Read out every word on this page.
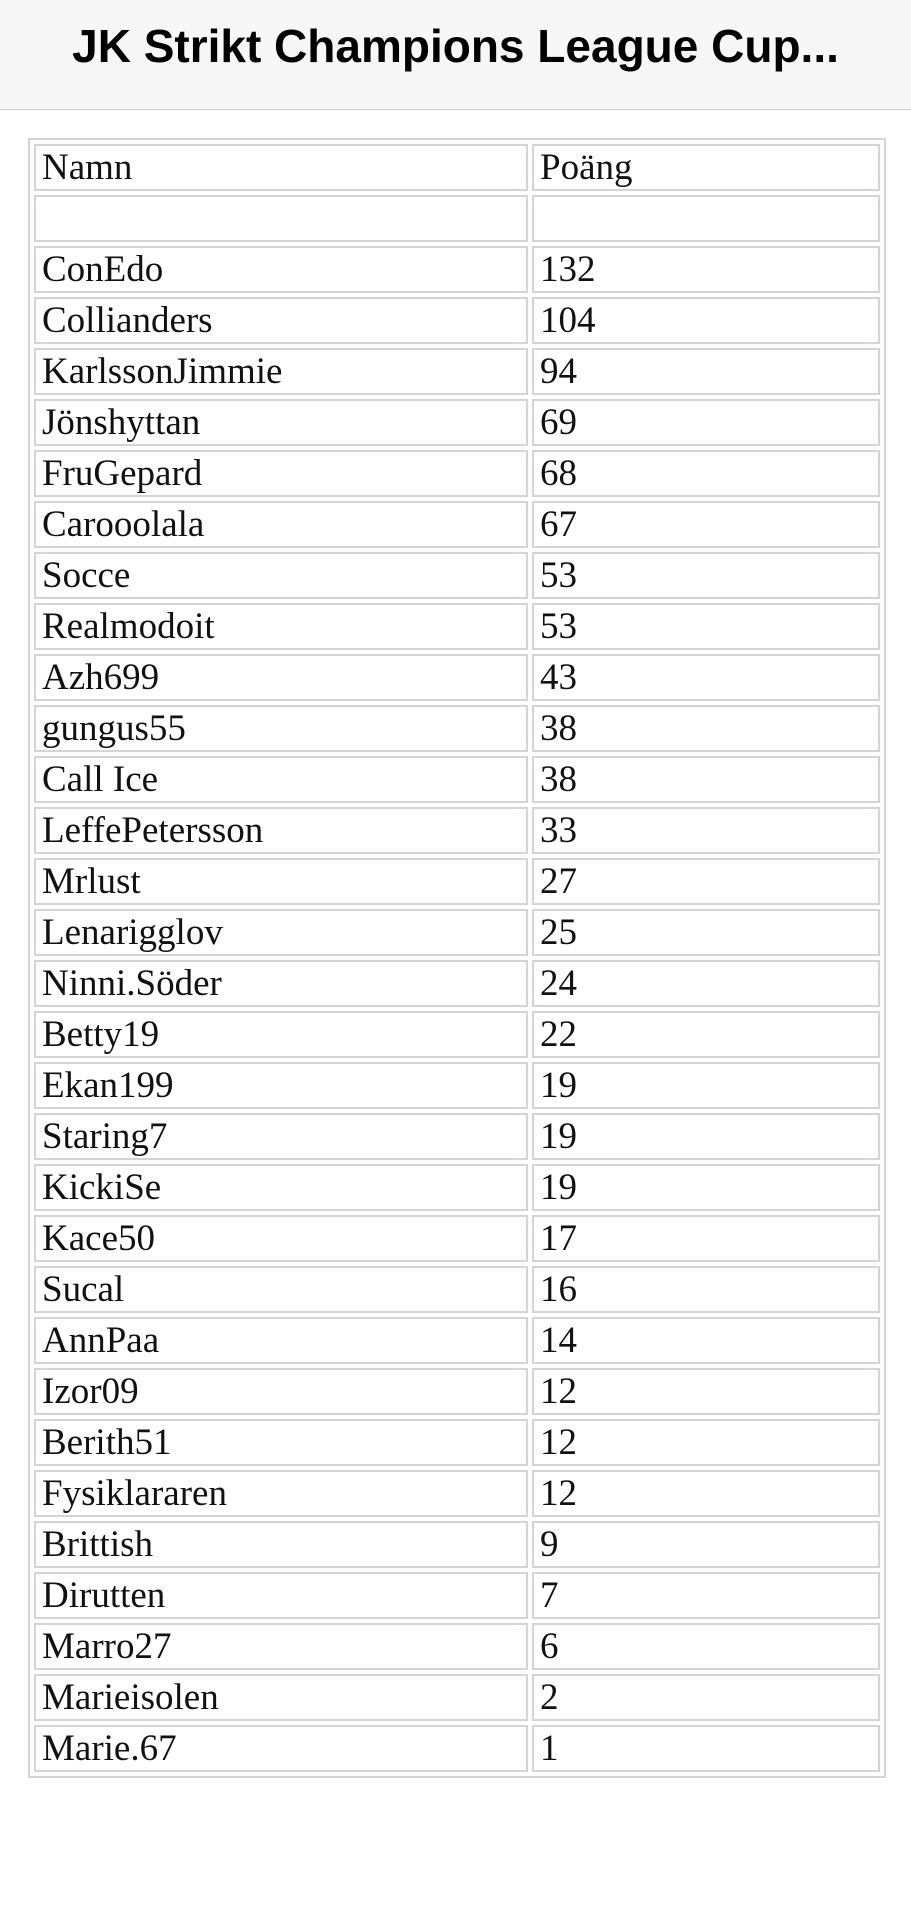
JK Strikt Champions League Cup...
Namn	Poäng

ConEdo	132
Collianders	104
KarlssonJimmie	94
Jönshyttan	69
FruGepard	68
Carooolala	67
Socce	53
Realmodoit	53
Azh699	43
gungus55	38
Call Ice	38
LeffePetersson	33
Mrlust	27
Lenarigglov	25
Ninni.Söder	24
Betty19	22
Ekan199	19
Staring7	19
KickiSe	19
Kace50	17
Sucal	16
AnnPaa	14
Izor09	12
Berith51	12
Fysiklararen	12
Brittish	9
Dirutten	7
Marro27	6
Marieisolen	2
Marie.67	1
